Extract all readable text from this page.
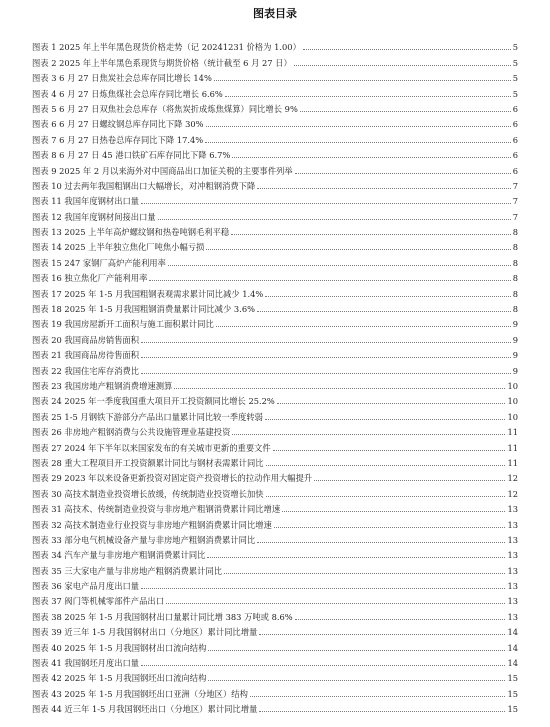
图表目录
图表 1 2025 年上半年黑色现货价格走势（记 20241231 价格为 1.00）	5
图表 2 2025 年上半年黑色系现货与期货价格（统计截至 6 月 27 日）	5
图表 3 6 月 27 日焦炭社会总库存同比增长 14%	5
图表 4 6 月 27 日炼焦煤社会总库存同比增长 6.6%	5
图表 5 6 月 27 日双焦社会总库存（将焦炭折成炼焦煤算）同比增长 9%	6
图表 6 6 月 27 日螺纹钢总库存同比下降 30%	6
图表 7 6 月 27 日热卷总库存同比下降 17.4%	6
图表 8 6 月 27 日 45 港口铁矿石库存同比下降 6.7%	6
图表 9 2025 年 2 月以来海外对中国商品出口加征关税的主要事件列举	6
图表 10 过去两年我国粗钢出口大幅增长，对冲粗钢消费下降	7
图表 11 我国年度钢材出口量	7
图表 12 我国年度钢材间接出口量	7
图表 13 2025 上半年高炉螺纹钢和热卷吨钢毛利平稳	8
图表 14 2025 上半年独立焦化厂吨焦小幅亏损	8
图表 15 247 家钢厂高炉产能利用率	8
图表 16 独立焦化厂产能利用率	8
图表 17 2025 年 1-5 月我国粗钢表观需求累计同比减少 1.4%	8
图表 18 2025 年 1-5 月我国粗钢消费量累计同比减少 3.6%	8
图表 19 我国房屋新开工面积与施工面积累计同比	9
图表 20 我国商品房销售面积	9
图表 21 我国商品房待售面积	9
图表 22 我国住宅库存消费比	9
图表 23 我国房地产粗钢消费增速测算	10
图表 24 2025 年一季度我国重大项目开工投资额同比增长 25.2%	10
图表 25 1-5 月钢铁下游部分产品出口量累计同比较一季度转弱	10
图表 26 非房地产粗钢消费与公共设施管理业基建投资	11
图表 27 2024 年下半年以来国家发布的有关城市更新的重要文件	11
图表 28 重大工程项目开工投资额累计同比与钢材表需累计同比	11
图表 29 2023 年以来设备更新投资对固定资产投资增长的拉动作用大幅提升	12
图表 30 高技术制造业投资增长放缓，传统制造业投资增长加快	12
图表 31 高技术、传统制造业投资与非房地产粗钢消费累计同比增速	13
图表 32 高技术制造业行业投资与非房地产粗钢消费累计同比增速	13
图表 33 部分电气机械设备产量与非房地产粗钢消费累计同比	13
图表 34 汽车产量与非房地产粗钢消费累计同比	13
图表 35 三大家电产量与非房地产粗钢消费累计同比	13
图表 36 家电产品月度出口量	13
图表 37 阀门等机械零部件产品出口	13
图表 38 2025 年 1-5 月我国钢材出口量累计同比增 383 万吨或 8.6%	13
图表 39 近三年 1-5 月我国钢材出口（分地区）累计同比增量	14
图表 40 2025 年 1-5 月我国钢材出口流向结构	14
图表 41 我国钢坯月度出口量	14
图表 42 2025 年 1-5 月我国钢坯出口流向结构	15
图表 43 2025 年 1-5 月我国钢坯出口亚洲（分地区）结构	15
图表 44 近三年 1-5 月我国钢坯出口（分地区）累计同比增量	15
